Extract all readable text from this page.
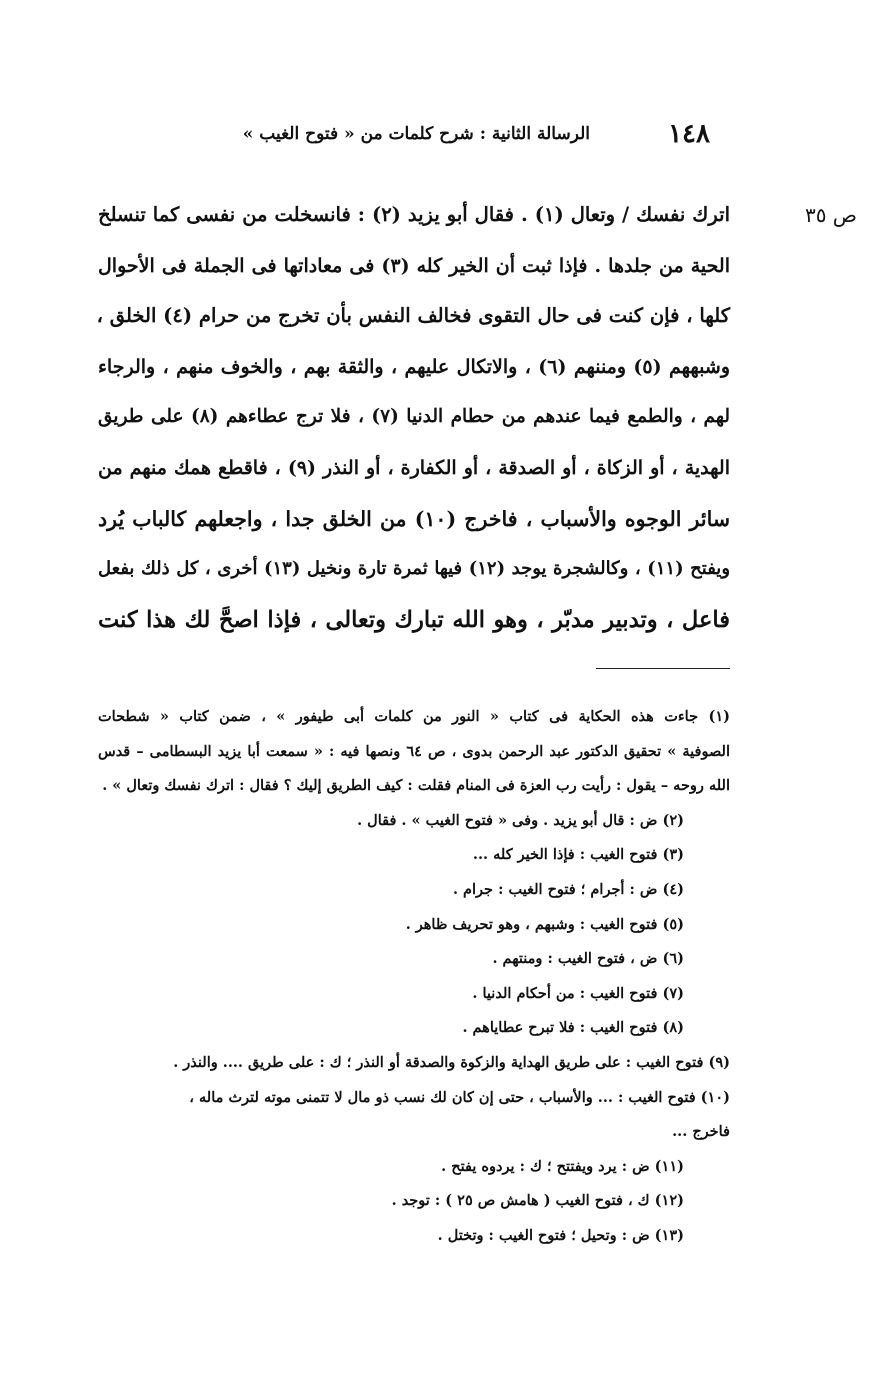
١٤٨
الرسالة الثانية : شرح كلمات من « فتوح الغيب »
ص ٣٥
اترك نفسك / وتعال (١) . فقال أبو يزيد (٢) : فانسخلت من نفسى كما تنسلخ
الحية من جلدها . فإذا ثبت أن الخير كله (٣) فى معاداتها فى الجملة فى الأحوال
كلها ، فإن كنت فى حال التقوى فخالف النفس بأن تخرج من حرام (٤) الخلق ،
وشبههم (٥) ومننهم (٦) ، والاتكال عليهم ، والثقة بهم ، والخوف منهم ، والرجاء
لهم ، والطمع فيما عندهم من حطام الدنيا (٧) ، فلا ترج عطاءهم (٨) على طريق
الهدية ، أو الزكاة ، أو الصدقة ، أو الكفارة ، أو النذر (٩) ، فاقطع همك منهم من
سائر الوجوه والأسباب ، فاخرج (١٠) من الخلق جدا ، واجعلهم كالباب يُرد
ويفتح (١١) ، وكالشجرة يوجد (١٢) فيها ثمرة تارة ونخيل (١٣) أخرى ، كل ذلك بفعل
فاعل ، وتدبير مدبّر ، وهو الله تبارك وتعالى ، فإذا اصحَّ لك هذا كنت
(١) جاءت هذه الحكاية فى كتاب « النور من كلمات أبى طيفور » ، ضمن كتاب « شطحات
الصوفية » تحقيق الدكتور عبد الرحمن بدوى ، ص ٦٤ ونصها فيه : « سمعت أبا يزيد البسطامى – قدس
الله روحه – يقول : رأيت رب العزة فى المنام فقلت : كيف الطريق إليك ؟ فقال : اترك نفسك وتعال » .
(٢) ض : قال أبو يزيد . وفى « فتوح الغيب » . فقال .
(٣) فتوح الغيب : فإذا الخير كله ...
(٤) ض : أجرام ؛ فتوح الغيب : جرام .
(٥) فتوح الغيب : وشبهم ، وهو تحريف ظاهر .
(٦) ض ، فتوح الغيب : ومنتهم .
(٧) فتوح الغيب : من أحكام الدنيا .
(٨) فتوح الغيب : فلا تبرح عطاياهم .
(٩) فتوح الغيب : على طريق الهداية والزكوة والصدقة أو النذر ؛ ك : على طريق .... والنذر .
(١٠) فتوح الغيب : ... والأسباب ، حتى إن كان لك نسب ذو مال لا تتمنى موته لترث ماله ،
فاخرج ...
(١١) ض : يرد ويفتتح ؛ ك : يردوه يفتح .
(١٢) ك ، فتوح الغيب ( هامش ص ٢٥ ) : توجد .
(١٣) ض : وتحيل ؛ فتوح الغيب : وتختل .
